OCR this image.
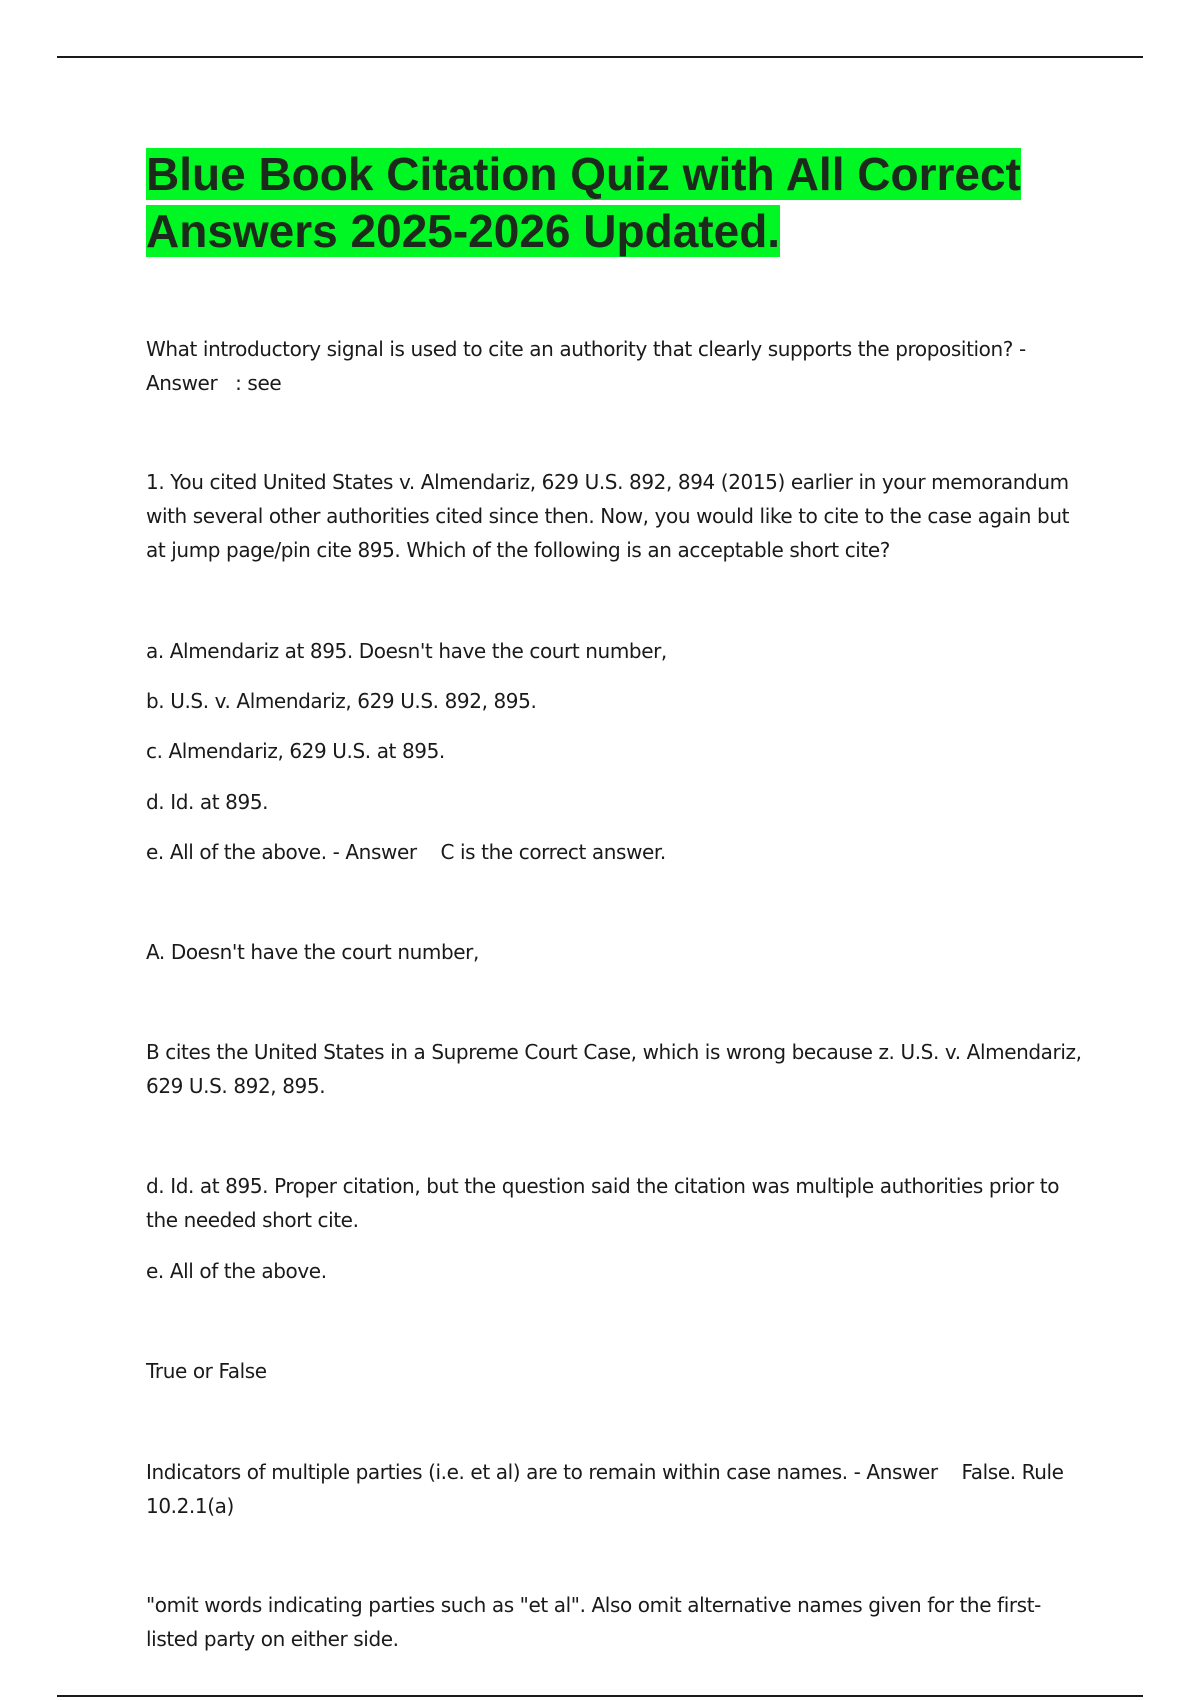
Blue Book Citation Quiz with All Correct Answers 2025-2026 Updated.

What introductory signal is used to cite an authority that clearly supports the proposition? - Answer   : see

1. You cited United States v. Almendariz, 629 U.S. 892, 894 (2015) earlier in your memorandum with several other authorities cited since then. Now, you would like to cite to the case again but at jump page/pin cite 895. Which of the following is an acceptable short cite?

a. Almendariz at 895. Doesn't have the court number,

b. U.S. v. Almendariz, 629 U.S. 892, 895.

c. Almendariz, 629 U.S. at 895.

d. Id. at 895.

e. All of the above. - Answer    C is the correct answer.

A. Doesn't have the court number,

B cites the United States in a Supreme Court Case, which is wrong because z. U.S. v. Almendariz, 629 U.S. 892, 895.

d. Id. at 895. Proper citation, but the question said the citation was multiple authorities prior to the needed short cite.

e. All of the above.

True or False

Indicators of multiple parties (i.e. et al) are to remain within case names. - Answer    False. Rule 10.2.1(a)

"omit words indicating parties such as "et al". Also omit alternative names given for the first-listed party on either side.
